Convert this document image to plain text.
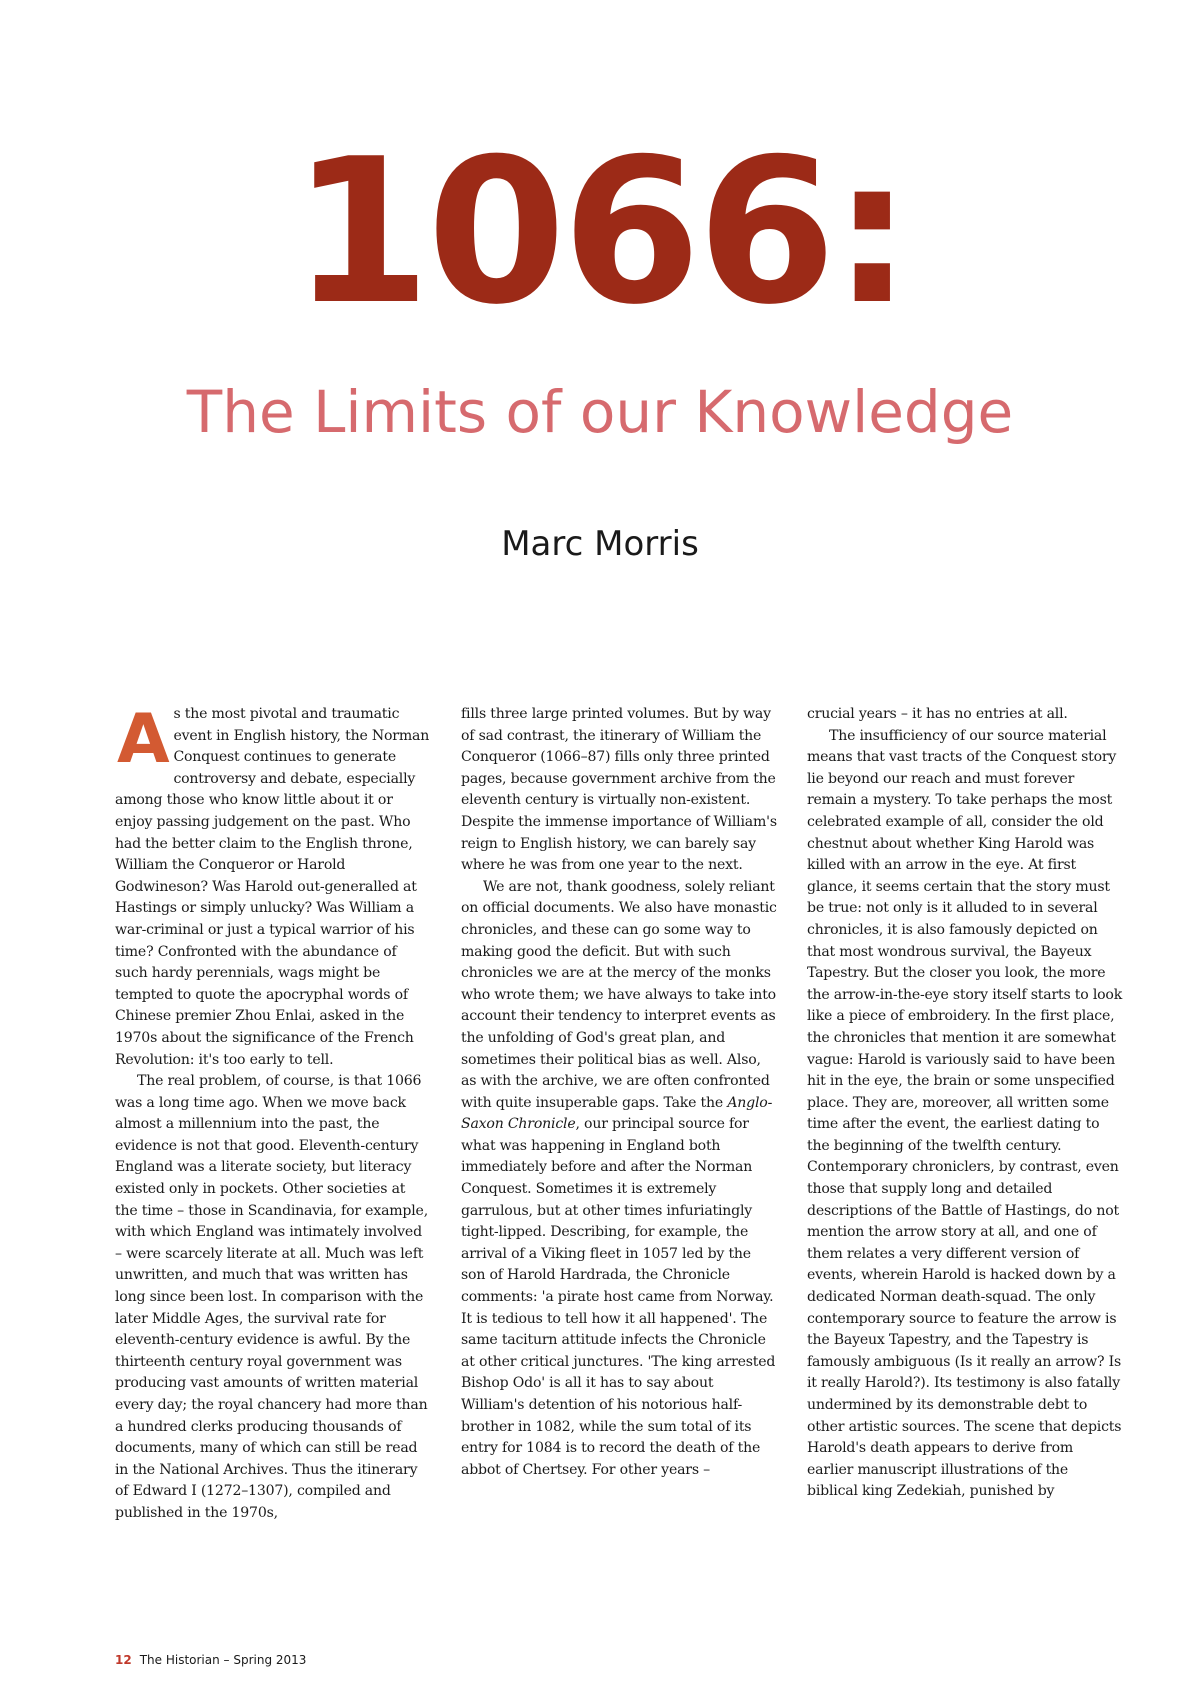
1066:
The Limits of our Knowledge
Marc Morris

As the most pivotal and traumatic event in English history, the Norman Conquest continues to generate controversy and debate, especially among those who know little about it or enjoy passing judgement on the past. Who had the better claim to the English throne, William the Conqueror or Harold Godwineson? Was Harold out-generalled at Hastings or simply unlucky? Was William a war-criminal or just a typical warrior of his time? Confronted with the abundance of such hardy perennials, wags might be tempted to quote the apocryphal words of Chinese premier Zhou Enlai, asked in the 1970s about the significance of the French Revolution: it's too early to tell.

The real problem, of course, is that 1066 was a long time ago. When we move back almost a millennium into the past, the evidence is not that good. Eleventh-century England was a literate society, but literacy existed only in pockets. Other societies at the time – those in Scandinavia, for example, with which England was intimately involved – were scarcely literate at all. Much was left unwritten, and much that was written has long since been lost. In comparison with the later Middle Ages, the survival rate for eleventh-century evidence is awful. By the thirteenth century royal government was producing vast amounts of written material every day; the royal chancery had more than a hundred clerks producing thousands of documents, many of which can still be read in the National Archives. Thus the itinerary of Edward I (1272–1307), compiled and published in the 1970s,

fills three large printed volumes. But by way of sad contrast, the itinerary of William the Conqueror (1066–87) fills only three printed pages, because government archive from the eleventh century is virtually non-existent. Despite the immense importance of William's reign to English history, we can barely say where he was from one year to the next.

We are not, thank goodness, solely reliant on official documents. We also have monastic chronicles, and these can go some way to making good the deficit. But with such chronicles we are at the mercy of the monks who wrote them; we have always to take into account their tendency to interpret events as the unfolding of God's great plan, and sometimes their political bias as well. Also, as with the archive, we are often confronted with quite insuperable gaps. Take the Anglo-Saxon Chronicle, our principal source for what was happening in England both immediately before and after the Norman Conquest. Sometimes it is extremely garrulous, but at other times infuriatingly tight-lipped. Describing, for example, the arrival of a Viking fleet in 1057 led by the son of Harold Hardrada, the Chronicle comments: 'a pirate host came from Norway. It is tedious to tell how it all happened'. The same taciturn attitude infects the Chronicle at other critical junctures. 'The king arrested Bishop Odo' is all it has to say about William's detention of his notorious half-brother in 1082, while the sum total of its entry for 1084 is to record the death of the abbot of Chertsey. For other years –

crucial years – it has no entries at all.

The insufficiency of our source material means that vast tracts of the Conquest story lie beyond our reach and must forever remain a mystery. To take perhaps the most celebrated example of all, consider the old chestnut about whether King Harold was killed with an arrow in the eye. At first glance, it seems certain that the story must be true: not only is it alluded to in several chronicles, it is also famously depicted on that most wondrous survival, the Bayeux Tapestry. But the closer you look, the more the arrow-in-the-eye story itself starts to look like a piece of embroidery. In the first place, the chronicles that mention it are somewhat vague: Harold is variously said to have been hit in the eye, the brain or some unspecified place. They are, moreover, all written some time after the event, the earliest dating to the beginning of the twelfth century. Contemporary chroniclers, by contrast, even those that supply long and detailed descriptions of the Battle of Hastings, do not mention the arrow story at all, and one of them relates a very different version of events, wherein Harold is hacked down by a dedicated Norman death-squad. The only contemporary source to feature the arrow is the Bayeux Tapestry, and the Tapestry is famously ambiguous (Is it really an arrow? Is it really Harold?). Its testimony is also fatally undermined by its demonstrable debt to other artistic sources. The scene that depicts Harold's death appears to derive from earlier manuscript illustrations of the biblical king Zedekiah, punished by

12 The Historian – Spring 2013
